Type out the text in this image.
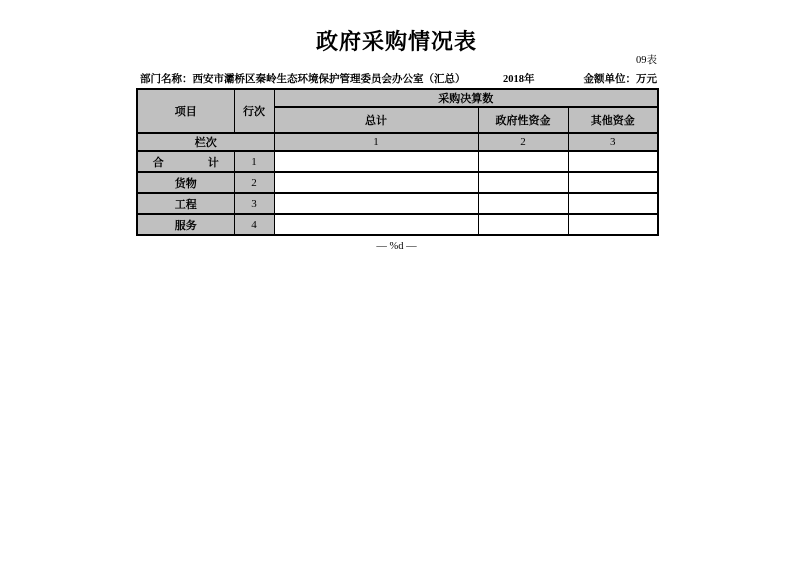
政府采购情况表
09表
部门名称：西安市灞桥区秦岭生态环境保护管理委员会办公室（汇总）	2018年	金额单位：万元
项目	行次	采购决算数		
		总计	政府性资金	其他资金
栏次		1	2	3
合　　　　计	1			
货物	2			
工程	3			
服务	4			
— %d —
